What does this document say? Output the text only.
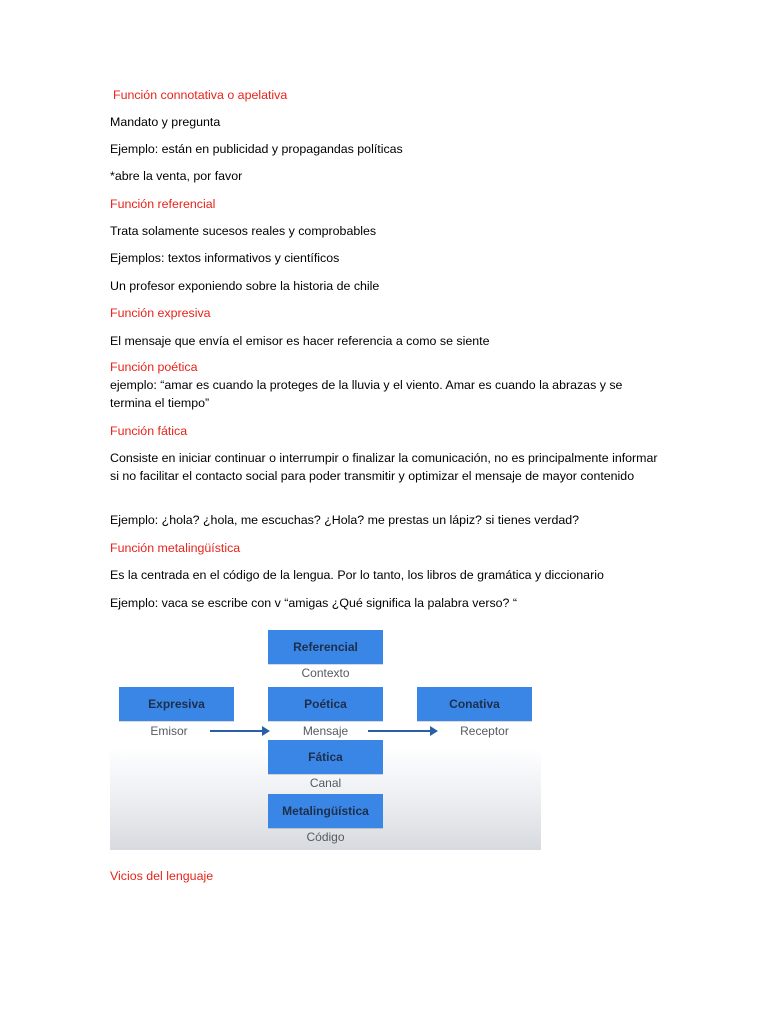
Función connotativa o apelativa
Mandato y pregunta
Ejemplo: están en publicidad y propagandas políticas
*abre la venta, por favor
Función referencial
Trata solamente sucesos reales y comprobables
Ejemplos: textos informativos y científicos
Un profesor exponiendo sobre la historia de chile
Función expresiva
El mensaje que envía el emisor es hacer referencia a como se siente
Función poética
ejemplo: “amar es cuando la proteges de la lluvia y el viento. Amar es cuando la abrazas y se termina el tiempo”
Función fática
Consiste en iniciar continuar o interrumpir o finalizar la comunicación, no es principalmente informar si no facilitar el contacto social para poder transmitir y optimizar el mensaje de mayor contenido
Ejemplo: ¿hola? ¿hola, me escuchas? ¿Hola? me prestas un lápiz? si tienes verdad?
Función metalingüística
Es la centrada en el código de la lengua. Por lo tanto, los libros de gramática y diccionario
Ejemplo: vaca se escribe con v “amigas ¿Qué significa la palabra verso? “
Referencial
Contexto
Expresiva
Emisor
Poética
Mensaje
Conativa
Receptor
Fática
Canal
Metalingüística
Código
Vicios del lenguaje
